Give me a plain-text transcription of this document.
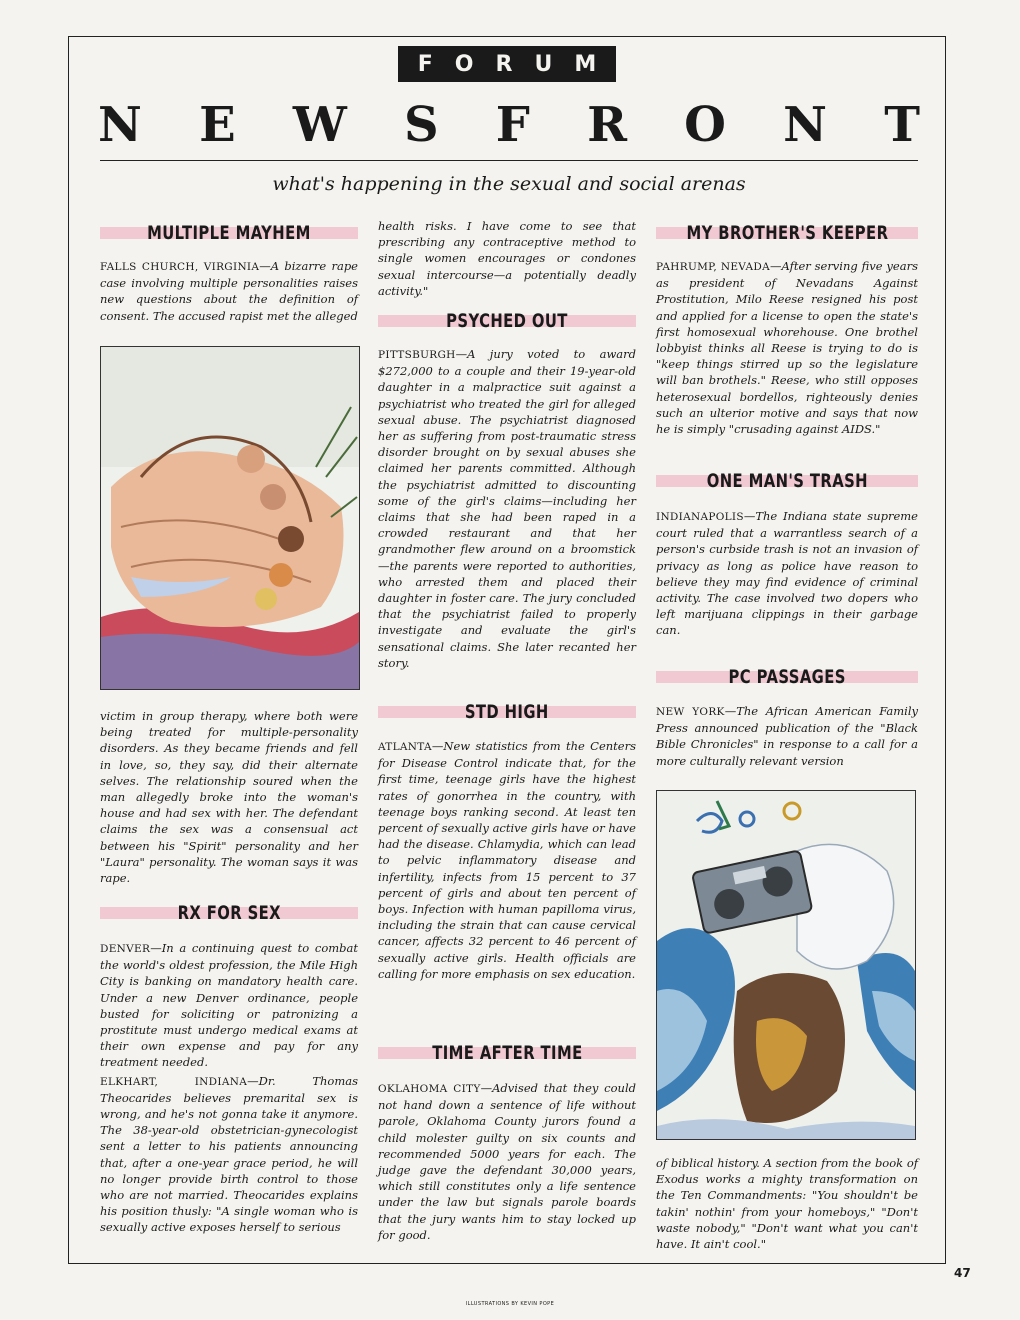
FORUM
N E W S F R O N T
what's happening in the sexual and social arenas
MULTIPLE MAYHEM

FALLS CHURCH, VIRGINIA—A bizarre rape case involving multiple personalities raises new questions about the definition of consent. The accused rapist met the alleged

victim in group therapy, where both were being treated for multiple-personality disorders. As they became friends and fell in love, so, they say, did their alternate selves. The relationship soured when the man allegedly broke into the woman's house and had sex with her. The defendant claims the sex was a consensual act between his "Spirit" personality and her "Laura" personality. The woman says it was rape.

RX FOR SEX

DENVER—In a continuing quest to combat the world's oldest profession, the Mile High City is banking on mandatory health care. Under a new Denver ordinance, people busted for soliciting or patronizing a prostitute must undergo medical exams at their own expense and pay for any treatment needed.

ELKHART, INDIANA—Dr. Thomas Theocarides believes premarital sex is wrong, and he's not gonna take it anymore. The 38-year-old obstetrician-gynecologist sent a letter to his patients announcing that, after a one-year grace period, he will no longer provide birth control to those who are not married. Theocarides explains his position thusly: "A single woman who is sexually active exposes herself to serious

health risks. I have come to see that prescribing any contraceptive method to single women encourages or condones sexual intercourse—a potentially deadly activity."

PSYCHED OUT

PITTSBURGH—A jury voted to award $272,000 to a couple and their 19-year-old daughter in a malpractice suit against a psychiatrist who treated the girl for alleged sexual abuse. The psychiatrist diagnosed her as suffering from post-traumatic stress disorder brought on by sexual abuses she claimed her parents committed. Although the psychiatrist admitted to discounting some of the girl's claims—including her claims that she had been raped in a crowded restaurant and that her grandmother flew around on a broomstick—the parents were reported to authorities, who arrested them and placed their daughter in foster care. The jury concluded that the psychiatrist failed to properly investigate and evaluate the girl's sensational claims. She later recanted her story.

STD HIGH

ATLANTA—New statistics from the Centers for Disease Control indicate that, for the first time, teenage girls have the highest rates of gonorrhea in the country, with teenage boys ranking second. At least ten percent of sexually active girls have or have had the disease. Chlamydia, which can lead to pelvic inflammatory disease and infertility, infects from 15 percent to 37 percent of girls and about ten percent of boys. Infection with human papilloma virus, including the strain that can cause cervical cancer, affects 32 percent to 46 percent of sexually active girls. Health officials are calling for more emphasis on sex education.

TIME AFTER TIME

OKLAHOMA CITY—Advised that they could not hand down a sentence of life without parole, Oklahoma County jurors found a child molester guilty on six counts and recommended 5000 years for each. The judge gave the defendant 30,000 years, which still constitutes only a life sentence under the law but signals parole boards that the jury wants him to stay locked up for good.

MY BROTHER'S KEEPER

PAHRUMP, NEVADA—After serving five years as president of Nevadans Against Prostitution, Milo Reese resigned his post and applied for a license to open the state's first homosexual whorehouse. One brothel lobbyist thinks all Reese is trying to do is "keep things stirred up so the legislature will ban brothels." Reese, who still opposes heterosexual bordellos, righteously denies such an ulterior motive and says that now he is simply "crusading against AIDS."

ONE MAN'S TRASH

INDIANAPOLIS—The Indiana state supreme court ruled that a warrantless search of a person's curbside trash is not an invasion of privacy as long as police have reason to believe they may find evidence of criminal activity. The case involved two dopers who left marijuana clippings in their garbage can.

PC PASSAGES

NEW YORK—The African American Family Press announced publication of the "Black Bible Chronicles" in response to a call for a more culturally relevant version

of biblical history. A section from the book of Exodus works a mighty transformation on the Ten Commandments: "You shouldn't be takin' nothin' from your homeboys," "Don't waste nobody," "Don't want what you can't have. It ain't cool."

ILLUSTRATIONS BY KEVIN POPE
47
